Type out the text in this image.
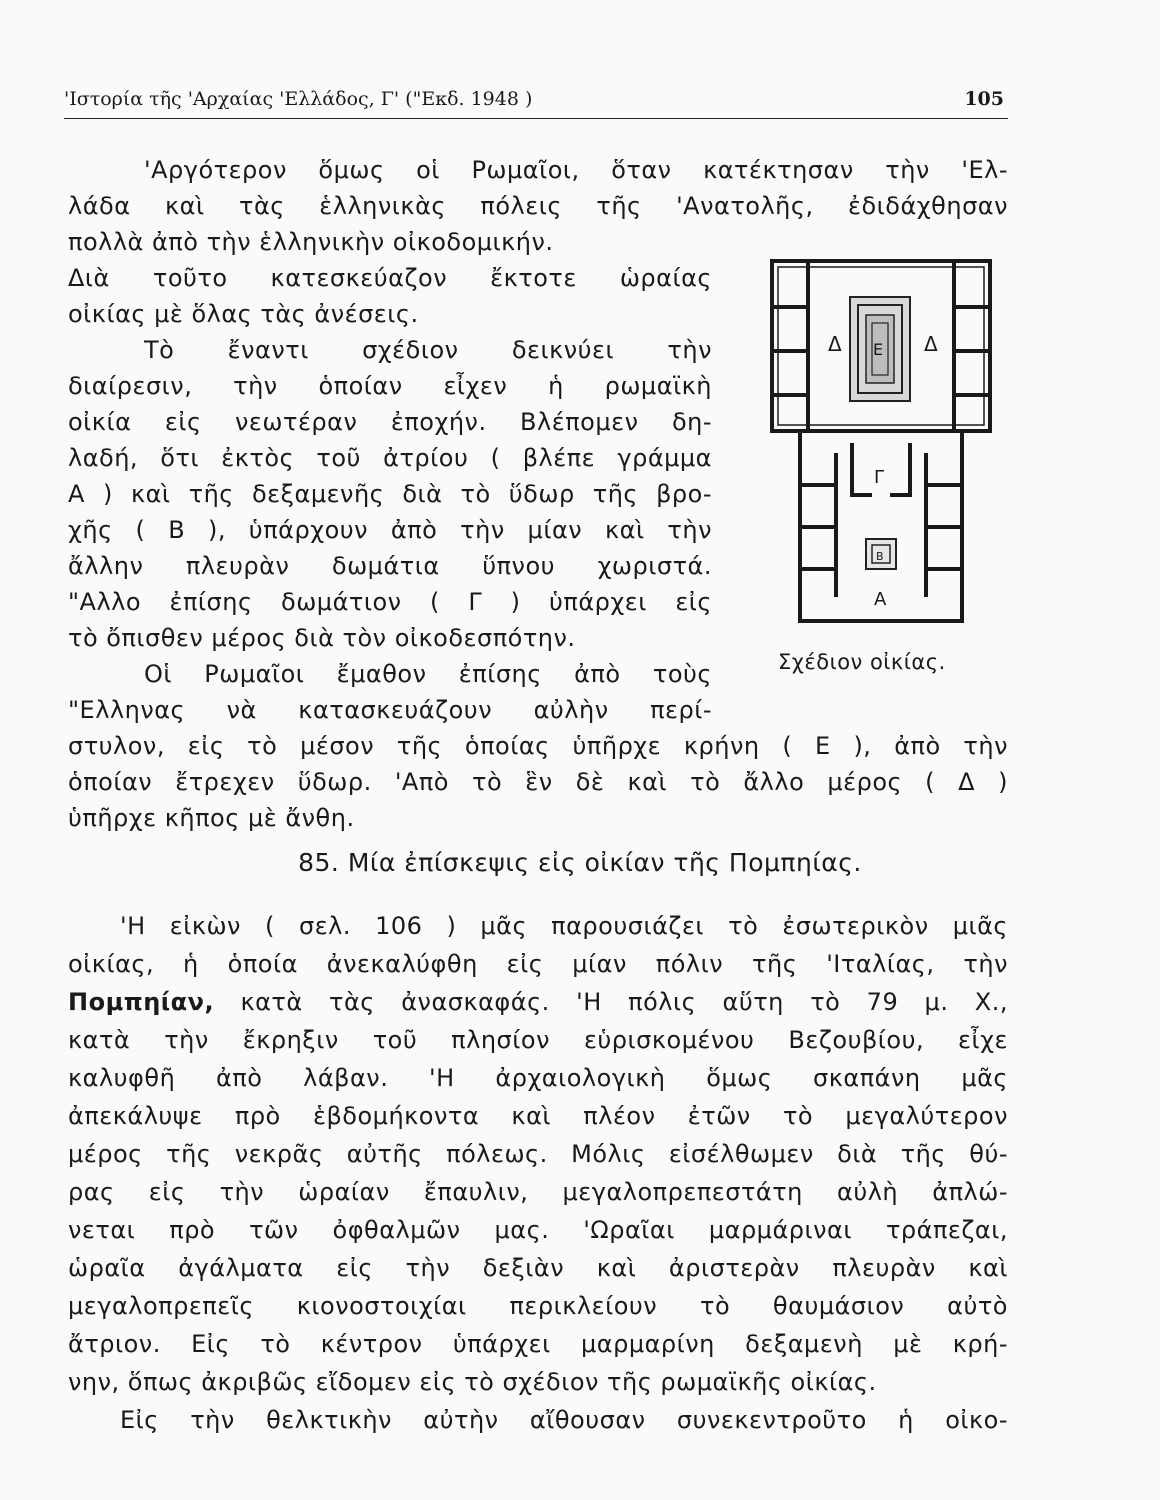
'Ιστορία τῆς 'Αρχαίας 'Ελλάδος, Γ' ("Εκδ. 1948 )	105
'Αργότερον ὅμως οἱ Ρωμαῖοι, ὅταν κατέκτησαν τὴν 'Ελ-
λάδα καὶ τὰς ἑλληνικὰς πόλεις τῆς 'Ανατολῆς, ἐδιδάχθησαν
πολλὰ ἀπὸ τὴν ἑλληνικὴν οἰκοδομικήν.
Διὰ τοῦτο κατεσκεύαζον ἔκτοτε ὡραίας
οἰκίας μὲ ὅλας τὰς ἀνέσεις.
Τὸ ἔναντι σχέδιον δεικνύει τὴν
διαίρεσιν, τὴν ὁποίαν εἶχεν ἡ ρωμαϊκὴ
οἰκία εἰς νεωτέραν ἐποχήν. Βλέπομεν δη-
λαδή, ὅτι ἐκτὸς τοῦ ἀτρίου ( βλέπε γράμμα
Α ) καὶ τῆς δεξαμενῆς διὰ τὸ ὕδωρ τῆς βρο-
χῆς ( Β ), ὑπάρχουν ἀπὸ τὴν μίαν καὶ τὴν
ἄλλην πλευρὰν δωμάτια ὕπνου χωριστά.
"Αλλο ἐπίσης δωμάτιον ( Γ ) ὑπάρχει εἰς
τὸ ὄπισθεν μέρος διὰ τὸν οἰκοδεσπότην.
Οἱ Ρωμαῖοι ἔμαθον ἐπίσης ἀπὸ τοὺς
"Ελληνας νὰ κατασκευάζουν αὐλὴν περί-
στυλον, εἰς τὸ μέσον τῆς ὁποίας ὑπῆρχε κρήνη ( Ε ), ἀπὸ τὴν
ὁποίαν ἔτρεχεν ὕδωρ. 'Απὸ τὸ ἓν δὲ καὶ τὸ ἄλλο μέρος ( Δ )
ὑπῆρχε κῆπος μὲ ἄνθη.
Δ Ε Δ
Γ
Β
Α
Σχέδιον οἰκίας.
85. Μία ἐπίσκεψις εἰς οἰκίαν τῆς Πομπηίας.
'Η εἰκὼν ( σελ. 106 ) μᾶς παρουσιάζει τὸ ἐσωτερικὸν μιᾶς
οἰκίας, ἡ ὁποία ἀνεκαλύφθη εἰς μίαν πόλιν τῆς 'Ιταλίας, τὴν
Πομπηίαν, κατὰ τὰς ἀνασκαφάς. 'Η πόλις αὕτη τὸ 79 μ. Χ.,
κατὰ τὴν ἔκρηξιν τοῦ πλησίον εὑρισκομένου Βεζουβίου, εἶχε
καλυφθῆ ἀπὸ λάβαν. 'Η ἀρχαιολογικὴ ὅμως σκαπάνη μᾶς
ἀπεκάλυψε πρὸ ἑβδομήκοντα καὶ πλέον ἐτῶν τὸ μεγαλύτερον
μέρος τῆς νεκρᾶς αὐτῆς πόλεως. Μόλις εἰσέλθωμεν διὰ τῆς θύ-
ρας εἰς τὴν ὡραίαν ἔπαυλιν, μεγαλοπρεπεστάτη αὐλὴ ἀπλώ-
νεται πρὸ τῶν ὀφθαλμῶν μας. 'Ωραῖαι μαρμάριναι τράπεζαι,
ὡραῖα ἀγάλματα εἰς τὴν δεξιὰν καὶ ἀριστερὰν πλευρὰν καὶ
μεγαλοπρεπεῖς κιονοστοιχίαι περικλείουν τὸ θαυμάσιον αὐτὸ
ἄτριον. Εἰς τὸ κέντρον ὑπάρχει μαρμαρίνη δεξαμενὴ μὲ κρή-
νην, ὅπως ἀκριβῶς εἴδομεν εἰς τὸ σχέδιον τῆς ρωμαϊκῆς οἰκίας.
Εἰς τὴν θελκτικὴν αὐτὴν αἴθουσαν συνεκεντροῦτο ἡ οἰκο-
